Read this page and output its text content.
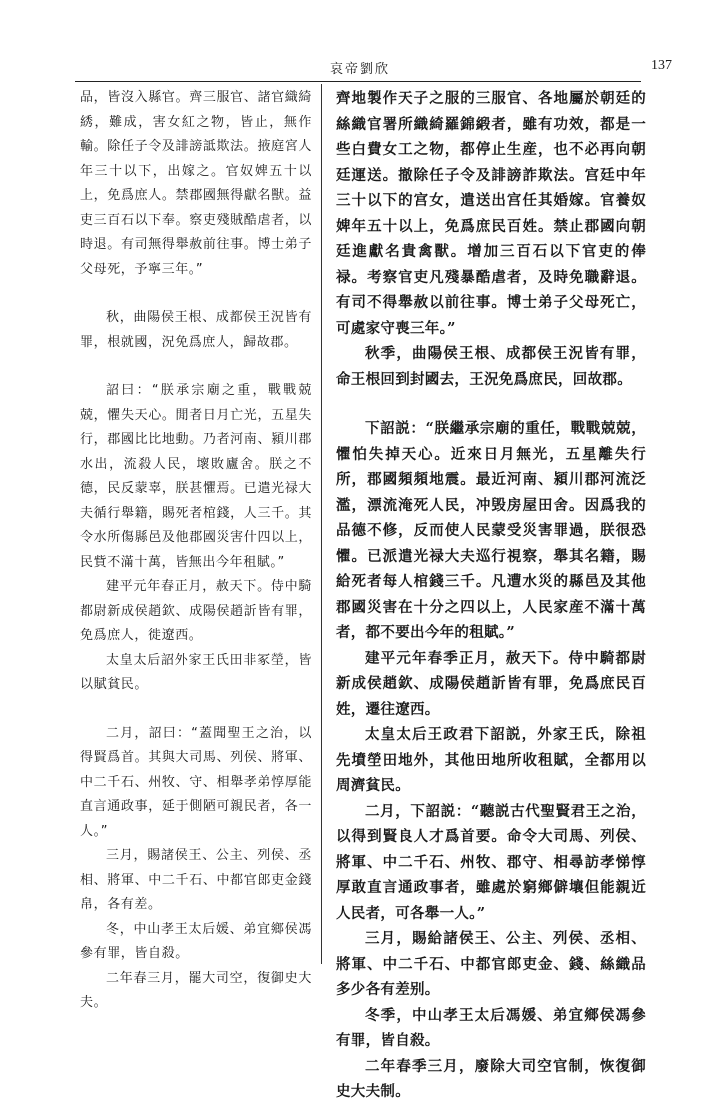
哀帝劉欣	137

品，皆沒入縣官。齊三服官、諸官織綺綉，難成，害女紅之物，皆止，無作輸。除任子令及誹謗詆欺法。掖庭宮人年三十以下，出嫁之。官奴婢五十以上，免爲庶人。禁郡國無得獻名獸。益吏三百石以下奉。察吏殘賊酷虐者，以時退。有司無得舉赦前往事。博士弟子父母死，予寧三年。”

秋，曲陽侯王根、成都侯王況皆有罪，根就國，況免爲庶人，歸故郡。

詔曰：“朕承宗廟之重，戰戰兢兢，懼失天心。閒者日月亡光，五星失行，郡國比比地動。乃者河南、潁川郡水出，流殺人民，壞敗廬舍。朕之不德，民反蒙辜，朕甚懼焉。已遣光禄大夫循行舉籍，賜死者棺錢，人三千。其令水所傷縣邑及他郡國災害什四以上，民貲不滿十萬，皆無出今年租賦。”

建平元年春正月，赦天下。侍中騎都尉新成侯趙欽、成陽侯趙訢皆有罪，免爲庶人，徙遼西。

太皇太后詔外家王氏田非冢塋，皆以賦貧民。

二月，詔曰：“蓋聞聖王之治，以得賢爲首。其與大司馬、列侯、將軍、中二千石、州牧、守、相舉孝弟惇厚能直言通政事，延于側陋可親民者，各一人。”

三月，賜諸侯王、公主、列侯、丞相、將軍、中二千石、中都官郎吏金錢帛，各有差。

冬，中山孝王太后媛、弟宜鄉侯馮參有罪，皆自殺。

二年春三月，罷大司空，復御史大夫。

齊地製作天子之服的三服官、各地屬於朝廷的絲織官署所織綺羅錦緞者，雖有功效，都是一些白費女工之物，都停止生産，也不必再向朝廷運送。撤除任子令及誹謗詐欺法。宫廷中年三十以下的宫女，遣送出宫任其婚嫁。官養奴婢年五十以上，免爲庶民百姓。禁止郡國向朝廷進獻名貴禽獸。增加三百石以下官吏的俸禄。考察官吏凡殘暴酷虐者，及時免職辭退。有司不得舉赦以前往事。博士弟子父母死亡，可處家守喪三年。”

秋季，曲陽侯王根、成都侯王況皆有罪，命王根回到封國去，王況免爲庶民，回故郡。

下詔説：“朕繼承宗廟的重任，戰戰兢兢，懼怕失掉天心。近來日月無光，五星離失行所，郡國頻頻地震。最近河南、潁川郡河流泛濫，漂流淹死人民，冲毁房屋田舍。因爲我的品德不修，反而使人民蒙受災害罪過，朕很恐懼。已派遣光禄大夫巡行視察，舉其名籍，賜給死者每人棺錢三千。凡遭水災的縣邑及其他郡國災害在十分之四以上，人民家産不滿十萬者，都不要出今年的租賦。”

建平元年春季正月，赦天下。侍中騎都尉新成侯趙欽、成陽侯趙訢皆有罪，免爲庶民百姓，遷往遼西。

太皇太后王政君下詔説，外家王氏，除祖先墳塋田地外，其他田地所收租賦，全都用以周濟貧民。

二月，下詔説：“聽説古代聖賢君王之治，以得到賢良人才爲首要。命令大司馬、列侯、將軍、中二千石、州牧、郡守、相尋訪孝悌惇厚敢直言通政事者，雖處於窮鄉僻壤但能親近人民者，可各舉一人。”

三月，賜給諸侯王、公主、列侯、丞相、將軍、中二千石、中都官郎吏金、錢、絲織品多少各有差别。

冬季，中山孝王太后馮媛、弟宜鄉侯馮參有罪，皆自殺。

二年春季三月，廢除大司空官制，恢復御史大夫制。
